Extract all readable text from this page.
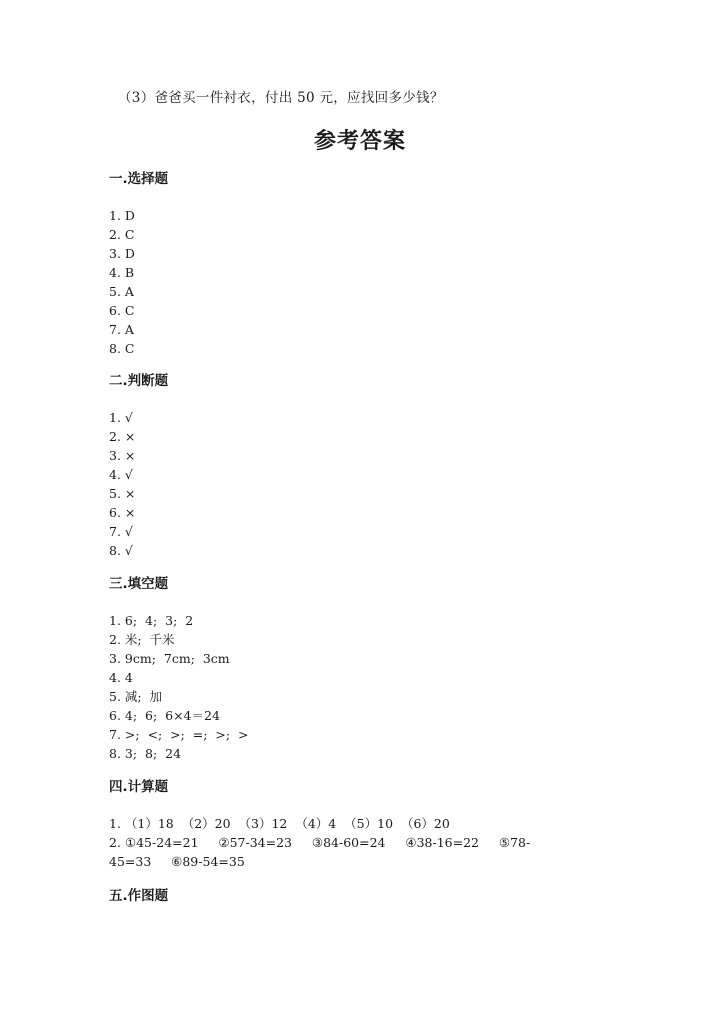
（3）爸爸买一件衬衣，付出 50 元，应找回多少钱？
参考答案
一.选择题
1. D
2. C
3. D
4. B
5. A
6. C
7. A
8. C
二.判断题
1. √
2. ×
3. ×
4. √
5. ×
6. ×
7. √
8. √
三.填空题
1. 6;  4;  3;  2
2. 米;  千米
3. 9cm;  7cm;  3cm
4. 4
5. 减;  加
6. 4;  6;  6×4＝24
7. >;  <;  >;  =;  >;  >
8. 3;  8;  24
四.计算题
1. （1）18  （2）20  （3）12  （4）4  （5）10  （6）20
2. ①45-24=21     ②57-34=23     ③84-60=24     ④38-16=22     ⑤78-
45=33     ⑥89-54=35
五.作图题
